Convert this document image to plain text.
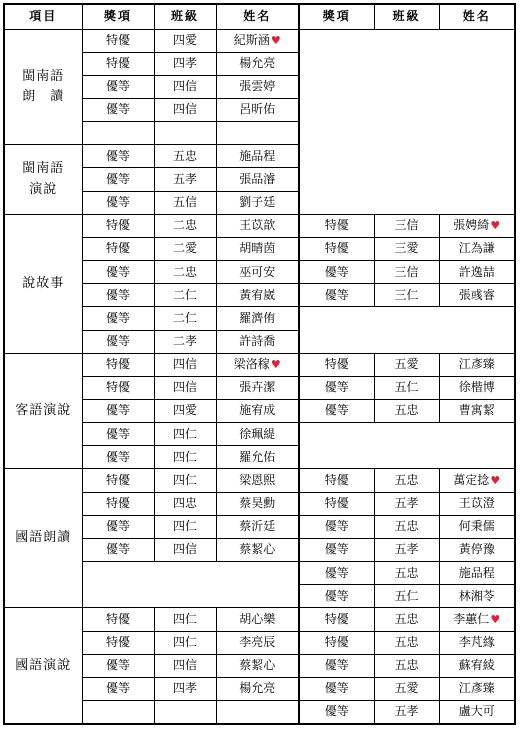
項目	獎項	班級	姓名	獎項	班級	姓名

閩南語
朗　讀	特優	四愛	紀斯涵♥			
	特優	四孝	楊允亮			
	優等	四信	張雲婷			
	優等	四信	呂昕佑			

閩南語
演說	優等	五忠	施品程			
	優等	五孝	張品濬			
	優等	五信	劉子廷			

說故事	特優	二忠	王苡歆	特優	三信	張娉綺♥
	特優	二愛	胡晴茵	特優	三愛	江為謙
	優等	二忠	巫可安	優等	三信	許逸喆
	優等	二仁	黃宥崴	優等	三仁	張彧睿
	優等	二仁	羅濟侑			
	優等	二孝	許詩喬			

客語演說	特優	四信	梁洛稼♥	特優	五愛	江彥臻
	特優	四信	張卉潔	優等	五仁	徐楷博
	優等	四愛	施宥成	優等	五忠	曹寓絜
	優等	四仁	徐珮緹			
	優等	四仁	羅允佑			

國語朗讀	特優	四仁	梁恩熙	特優	五忠	萬定捻♥
	特優	四忠	蔡昊勳	特優	五孝	王苡澄
	優等	四仁	蔡沂廷	優等	五忠	何秉儒
	優等	四信	蔡絜心	優等	五孝	黃停豫
				優等	五忠	施品程
				優等	五仁	林湘苓

國語演說	特優	四仁	胡心樂	特優	五忠	李蕙仁♥
	特優	四仁	李亮辰	特優	五忠	李芃緣
	優等	四信	蔡絜心	優等	五忠	蘇宥綾
	優等	四孝	楊允亮	優等	五愛	江彥臻
				優等	五孝	盧大可
